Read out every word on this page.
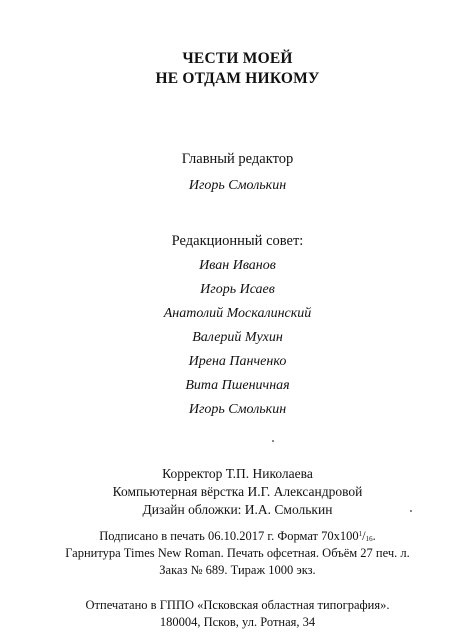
ЧЕСТИ МОЕЙ
НЕ ОТДАМ НИКОМУ
Главный редактор
Игорь Смолькин
Редакционный совет:
Иван Иванов
Игорь Исаев
Анатолий Москалинский
Валерий Мухин
Ирена Панченко
Вита Пшеничная
Игорь Смолькин
Корректор Т.П. Николаева
Компьютерная вёрстка И.Г. Александровой
Дизайн обложки: И.А. Смолькин
Подписано в печать 06.10.2017 г. Формат $70х100^1/_{16}$.
Гарнитура Times New Roman. Печать офсетная. Объём 27 печ. л.
Заказ № 689. Тираж 1000 экз.
Отпечатано в ГППО «Псковская областная типография».
180004, Псков, ул. Ротная, 34
